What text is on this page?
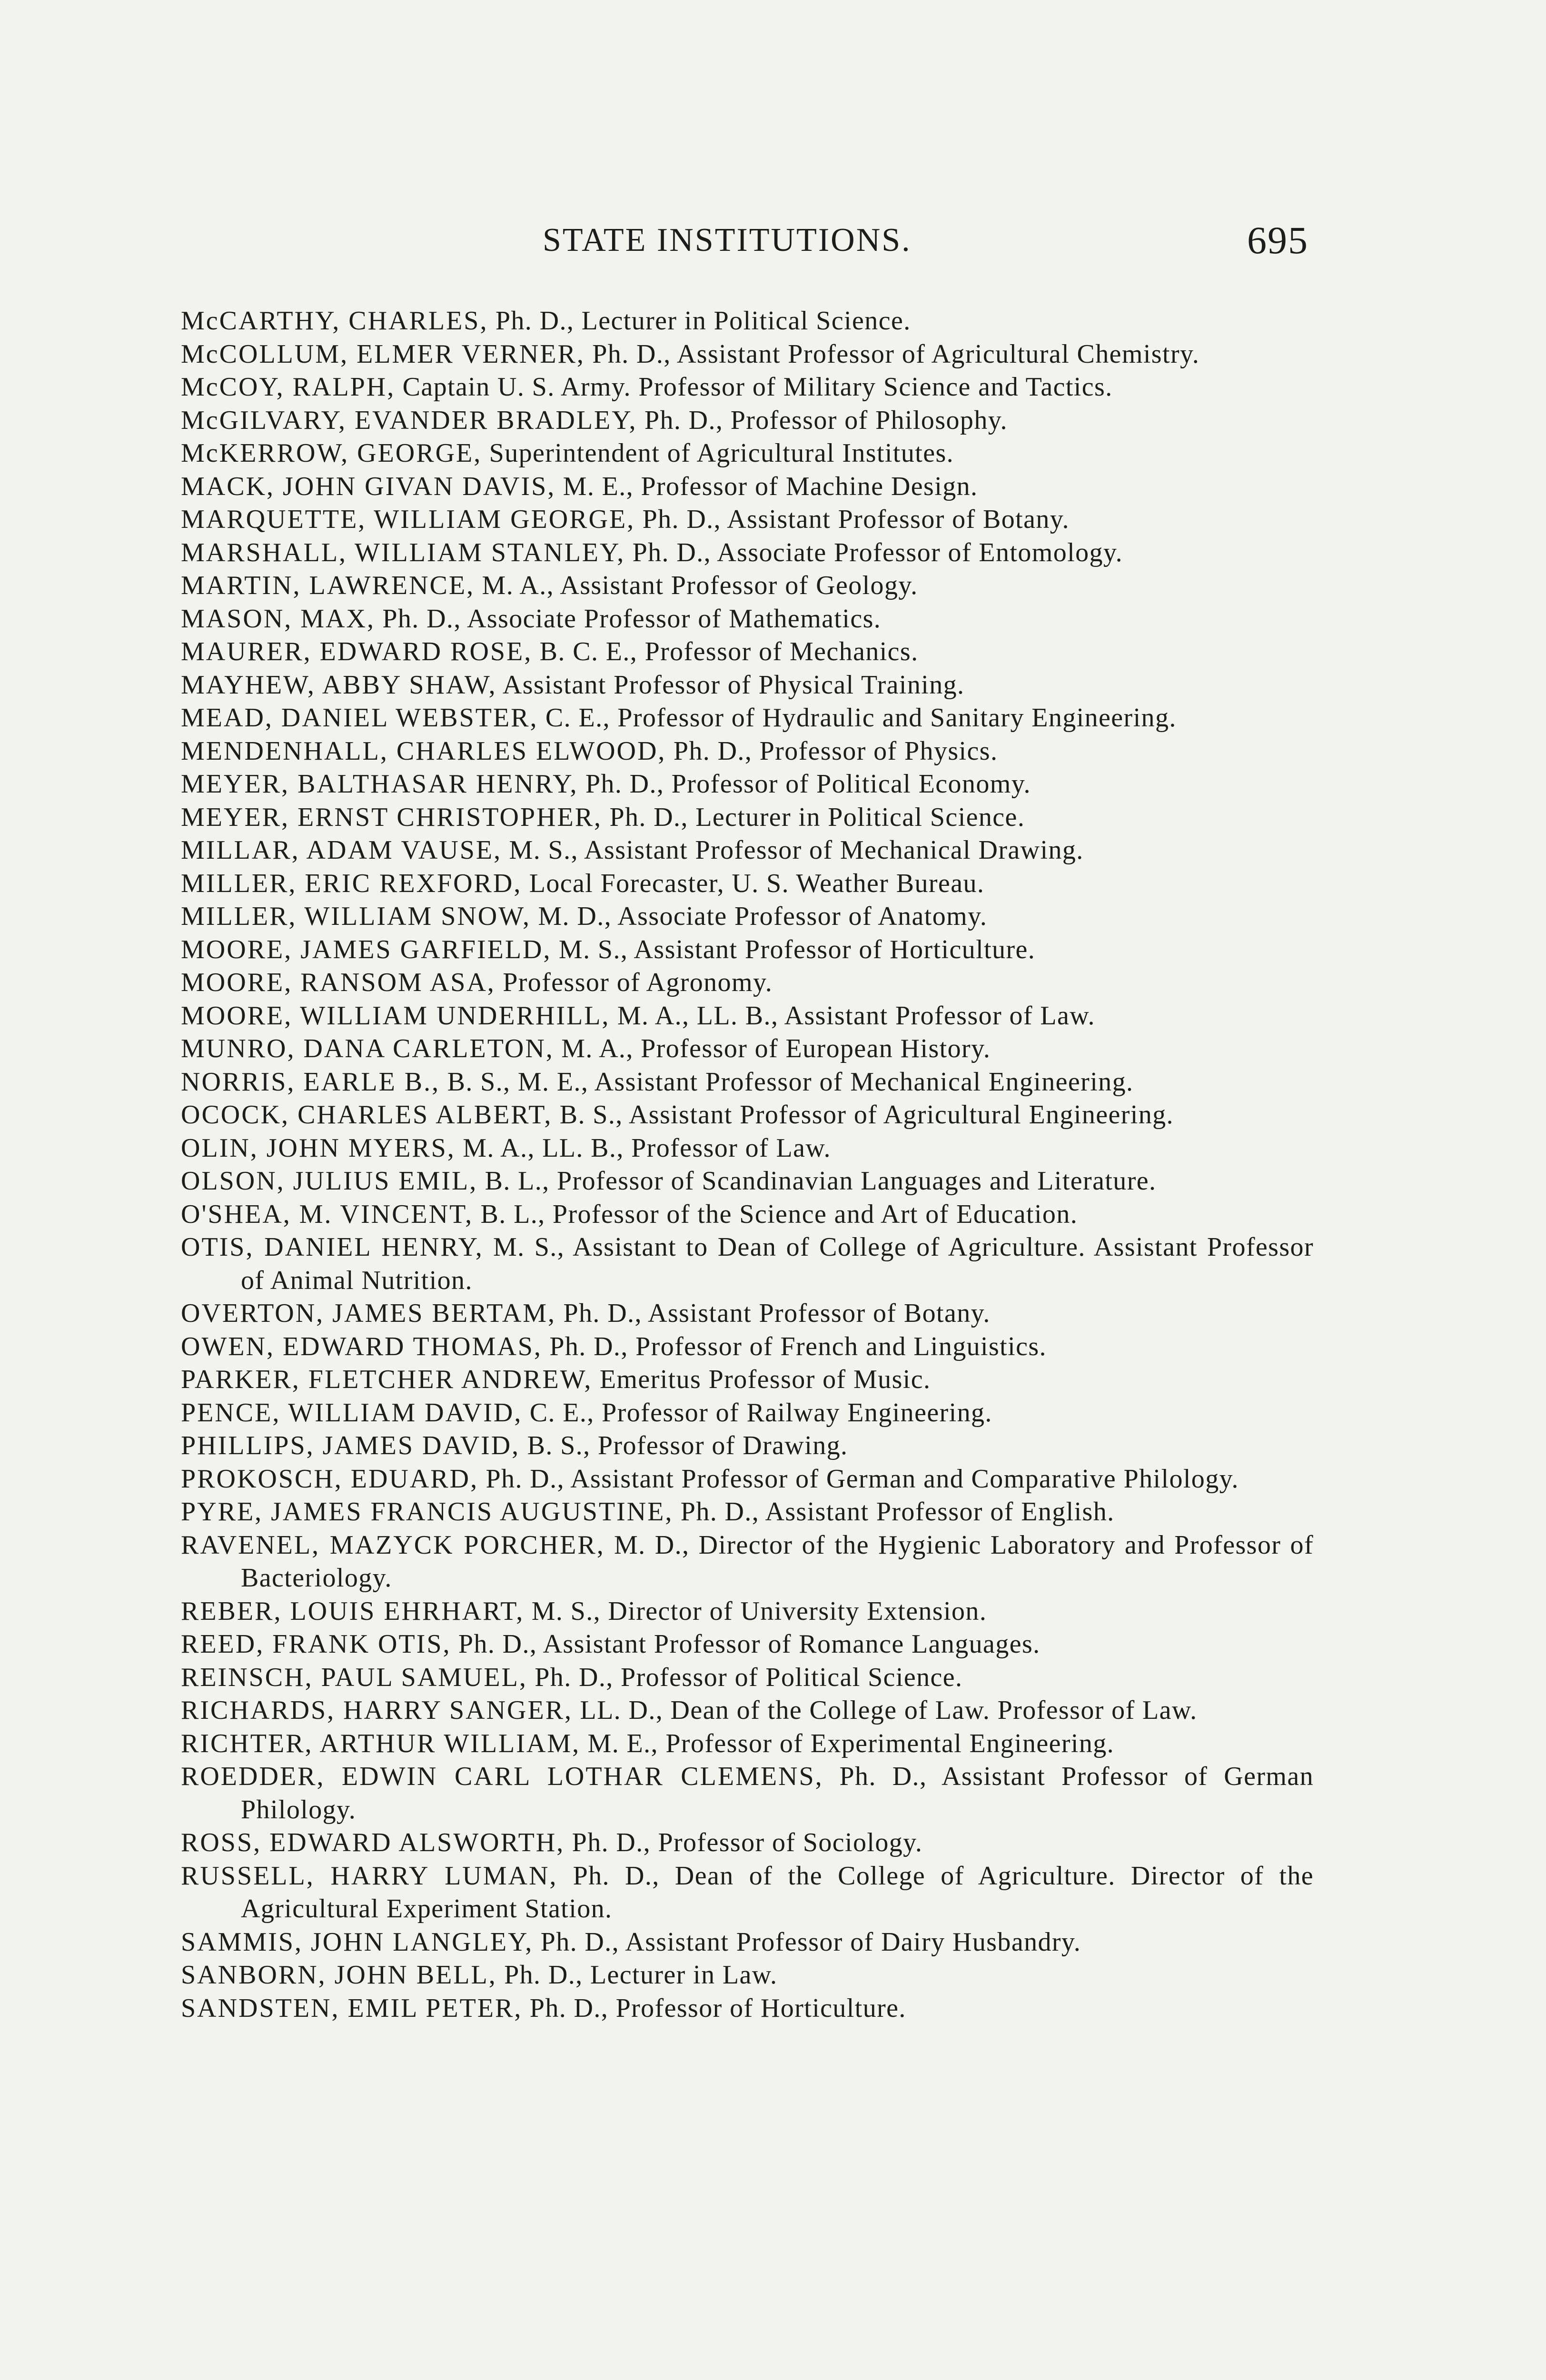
STATE INSTITUTIONS.	695

McCARTHY, CHARLES, Ph. D., Lecturer in Political Science.

McCOLLUM, ELMER VERNER, Ph. D., Assistant Professor of Agricultural Chemistry.

McCOY, RALPH, Captain U. S. Army. Professor of Military Science and Tactics.

McGILVARY, EVANDER BRADLEY, Ph. D., Professor of Philosophy.

McKERROW, GEORGE, Superintendent of Agricultural Institutes.

MACK, JOHN GIVAN DAVIS, M. E., Professor of Machine Design.

MARQUETTE, WILLIAM GEORGE, Ph. D., Assistant Professor of Botany.

MARSHALL, WILLIAM STANLEY, Ph. D., Associate Professor of Entomology.

MARTIN, LAWRENCE, M. A., Assistant Professor of Geology.

MASON, MAX, Ph. D., Associate Professor of Mathematics.

MAURER, EDWARD ROSE, B. C. E., Professor of Mechanics.

MAYHEW, ABBY SHAW, Assistant Professor of Physical Training.

MEAD, DANIEL WEBSTER, C. E., Professor of Hydraulic and Sanitary Engineering.

MENDENHALL, CHARLES ELWOOD, Ph. D., Professor of Physics.

MEYER, BALTHASAR HENRY, Ph. D., Professor of Political Economy.

MEYER, ERNST CHRISTOPHER, Ph. D., Lecturer in Political Science.

MILLAR, ADAM VAUSE, M. S., Assistant Professor of Mechanical Drawing.

MILLER, ERIC REXFORD, Local Forecaster, U. S. Weather Bureau.

MILLER, WILLIAM SNOW, M. D., Associate Professor of Anatomy.

MOORE, JAMES GARFIELD, M. S., Assistant Professor of Horticulture.

MOORE, RANSOM ASA, Professor of Agronomy.

MOORE, WILLIAM UNDERHILL, M. A., LL. B., Assistant Professor of Law.

MUNRO, DANA CARLETON, M. A., Professor of European History.

NORRIS, EARLE B., B. S., M. E., Assistant Professor of Mechanical Engineering.

OCOCK, CHARLES ALBERT, B. S., Assistant Professor of Agricultural Engineering.

OLIN, JOHN MYERS, M. A., LL. B., Professor of Law.

OLSON, JULIUS EMIL, B. L., Professor of Scandinavian Languages and Literature.

O'SHEA, M. VINCENT, B. L., Professor of the Science and Art of Education.

OTIS, DANIEL HENRY, M. S., Assistant to Dean of College of Agriculture. Assistant Professor of Animal Nutrition.

OVERTON, JAMES BERTAM, Ph. D., Assistant Professor of Botany.

OWEN, EDWARD THOMAS, Ph. D., Professor of French and Linguistics.

PARKER, FLETCHER ANDREW, Emeritus Professor of Music.

PENCE, WILLIAM DAVID, C. E., Professor of Railway Engineering.

PHILLIPS, JAMES DAVID, B. S., Professor of Drawing.

PROKOSCH, EDUARD, Ph. D., Assistant Professor of German and Comparative Philology.

PYRE, JAMES FRANCIS AUGUSTINE, Ph. D., Assistant Professor of English.

RAVENEL, MAZYCK PORCHER, M. D., Director of the Hygienic Laboratory and Professor of Bacteriology.

REBER, LOUIS EHRHART, M. S., Director of University Extension.

REED, FRANK OTIS, Ph. D., Assistant Professor of Romance Languages.

REINSCH, PAUL SAMUEL, Ph. D., Professor of Political Science.

RICHARDS, HARRY SANGER, LL. D., Dean of the College of Law. Professor of Law.

RICHTER, ARTHUR WILLIAM, M. E., Professor of Experimental Engineering.

ROEDDER, EDWIN CARL LOTHAR CLEMENS, Ph. D., Assistant Professor of German Philology.

ROSS, EDWARD ALSWORTH, Ph. D., Professor of Sociology.

RUSSELL, HARRY LUMAN, Ph. D., Dean of the College of Agriculture. Director of the Agricultural Experiment Station.

SAMMIS, JOHN LANGLEY, Ph. D., Assistant Professor of Dairy Husbandry.

SANBORN, JOHN BELL, Ph. D., Lecturer in Law.

SANDSTEN, EMIL PETER, Ph. D., Professor of Horticulture.
